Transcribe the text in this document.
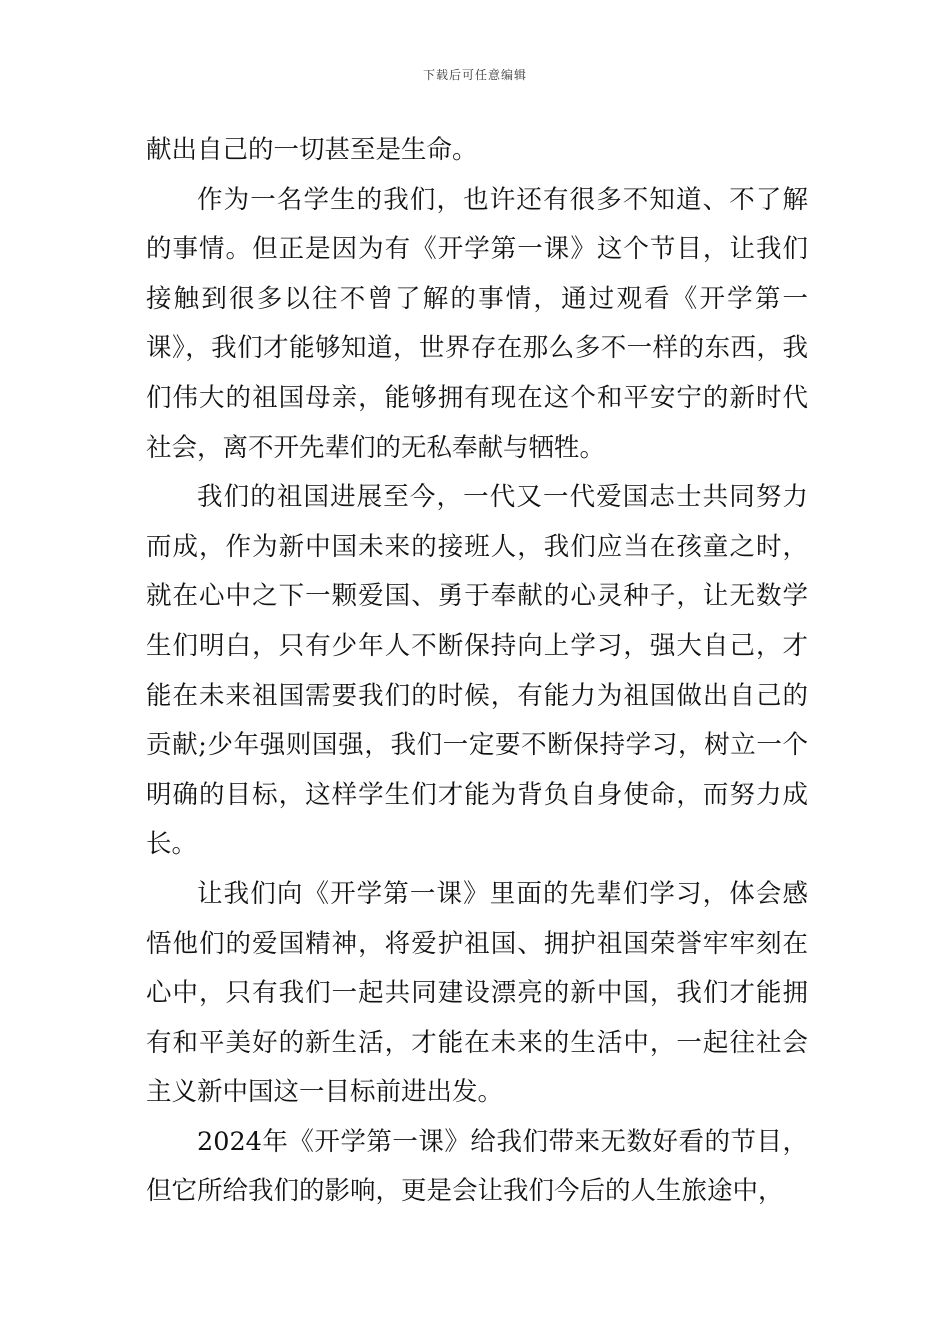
下载后可任意编辑

献出自己的一切甚至是生命。

作为一名学生的我们，也许还有很多不知道、不了解的事情。但正是因为有《开学第一课》这个节目，让我们接触到很多以往不曾了解的事情，通过观看《开学第一课》，我们才能够知道，世界存在那么多不一样的东西，我们伟大的祖国母亲，能够拥有现在这个和平安宁的新时代社会，离不开先辈们的无私奉献与牺牲。

我们的祖国进展至今，一代又一代爱国志士共同努力而成，作为新中国未来的接班人，我们应当在孩童之时，就在心中之下一颗爱国、勇于奉献的心灵种子，让无数学生们明白，只有少年人不断保持向上学习，强大自己，才能在未来祖国需要我们的时候，有能力为祖国做出自己的贡献;少年强则国强，我们一定要不断保持学习，树立一个明确的目标，这样学生们才能为背负自身使命，而努力成长。

让我们向《开学第一课》里面的先辈们学习，体会感悟他们的爱国精神，将爱护祖国、拥护祖国荣誉牢牢刻在心中，只有我们一起共同建设漂亮的新中国，我们才能拥有和平美好的新生活，才能在未来的生活中，一起往社会主义新中国这一目标前进出发。

2024年《开学第一课》给我们带来无数好看的节目，但它所给我们的影响，更是会让我们今后的人生旅途中，
